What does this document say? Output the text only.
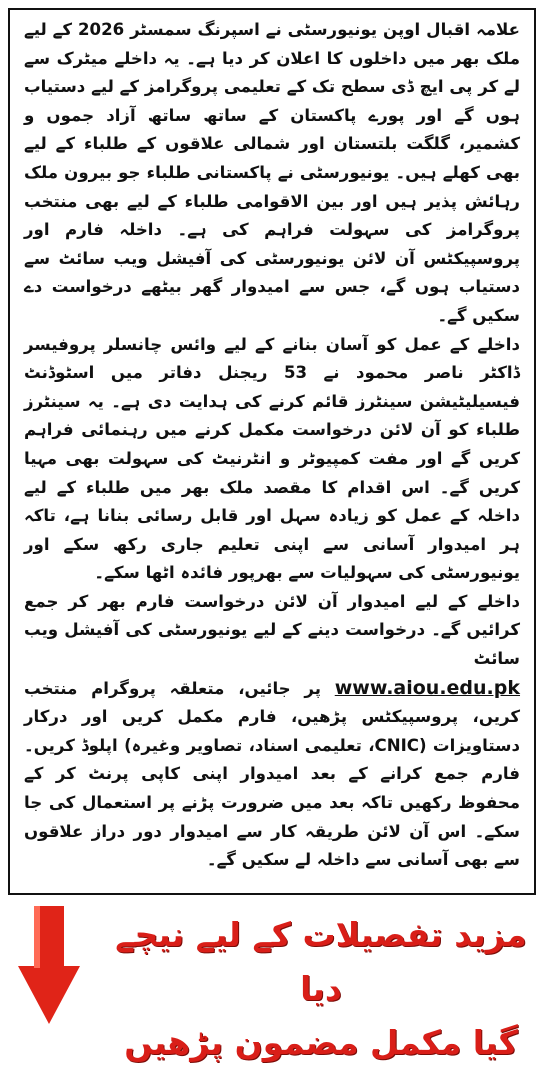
علامہ اقبال اوپن یونیورسٹی نے اسپرنگ سمسٹر 2026 کے لیے ملک بھر میں داخلوں کا اعلان کر دیا ہے۔ یہ داخلے میٹرک سے لے کر پی ایچ ڈی سطح تک کے تعلیمی پروگرامز کے لیے دستیاب ہوں گے اور پورے پاکستان کے ساتھ ساتھ آزاد جموں و کشمیر، گلگت بلتستان اور شمالی علاقوں کے طلباء کے لیے بھی کھلے ہیں۔ یونیورسٹی نے پاکستانی طلباء جو بیرون ملک رہائش پذیر ہیں اور بین الاقوامی طلباء کے لیے بھی منتخب پروگرامز کی سہولت فراہم کی ہے۔ داخلہ فارم اور پروسپیکٹس آن لائن یونیورسٹی کی آفیشل ویب سائٹ سے دستیاب ہوں گے، جس سے امیدوار گھر بیٹھے درخواست دے سکیں گے۔

داخلے کے عمل کو آسان بنانے کے لیے وائس چانسلر پروفیسر ڈاکٹر ناصر محمود نے 53 ریجنل دفاتر میں اسٹوڈنٹ فیسیلیٹیشن سینٹرز قائم کرنے کی ہدایت دی ہے۔ یہ سینٹرز طلباء کو آن لائن درخواست مکمل کرنے میں رہنمائی فراہم کریں گے اور مفت کمپیوٹر و انٹرنیٹ کی سہولت بھی مہیا کریں گے۔ اس اقدام کا مقصد ملک بھر میں طلباء کے لیے داخلہ کے عمل کو زیادہ سہل اور قابل رسائی بنانا ہے، تاکہ ہر امیدوار آسانی سے اپنی تعلیم جاری رکھ سکے اور یونیورسٹی کی سہولیات سے بھرپور فائدہ اٹھا سکے۔

داخلے کے لیے امیدوار آن لائن درخواست فارم بھر کر جمع کرائیں گے۔ درخواست دینے کے لیے یونیورسٹی کی آفیشل ویب سائٹ
www.aiou.edu.pk پر جائیں، متعلقہ پروگرام منتخب کریں، پروسپیکٹس پڑھیں، فارم مکمل کریں اور درکار دستاویزات (CNIC، تعلیمی اسناد، تصاویر وغیرہ) اپلوڈ کریں۔ فارم جمع کرانے کے بعد امیدوار اپنی کاپی پرنٹ کر کے محفوظ رکھیں تاکہ بعد میں ضرورت پڑنے پر استعمال کی جا سکے۔ اس آن لائن طریقہ کار سے امیدوار دور دراز علاقوں سے بھی آسانی سے داخلہ لے سکیں گے۔

مزید تفصیلات کے لیے نیچے دیا
گیا مکمل مضمون پڑھیں
